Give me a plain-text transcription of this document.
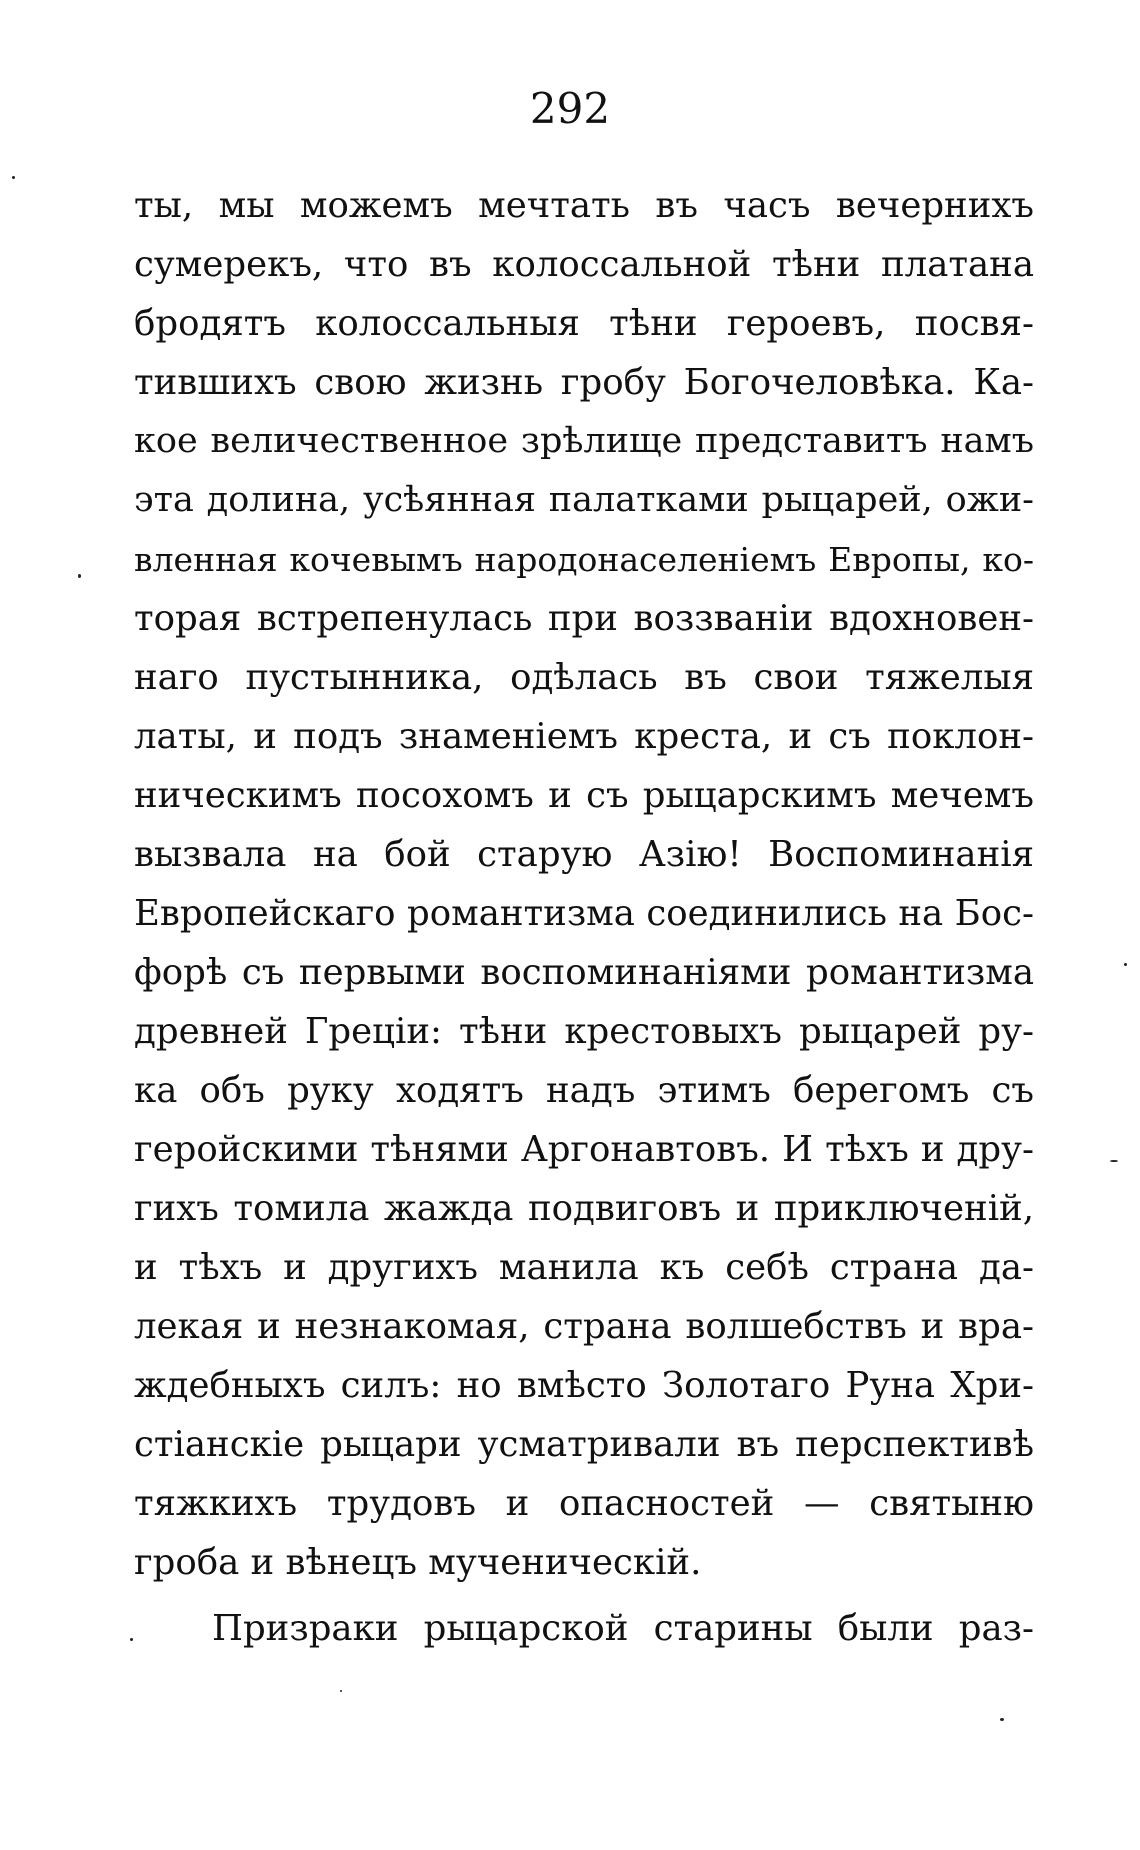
292
ты, мы можемъ мечтать въ часъ вечернихъ
сумерекъ, что въ колоссальной тѣни платана
бродятъ колоссальныя тѣни героевъ, посвя-
тившихъ свою жизнь гробу Богочеловѣка. Ка-
кое величественное зрѣлище представитъ намъ
эта долина, усѣянная палатками рыцарей, ожи-
вленная кочевымъ народонаселеніемъ Европы, ко-
торая встрепенулась при воззваніи вдохновен-
наго пустынника, одѣлась въ свои тяжелыя
латы, и подъ знаменіемъ креста, и съ поклон-
ническимъ посохомъ и съ рыцарскимъ мечемъ
вызвала на бой старую Азію! Воспоминанія
Европейскаго романтизма соединились на Бос-
форѣ съ первыми воспоминаніями романтизма
древней Греціи: тѣни крестовыхъ рыцарей ру-
ка объ руку ходятъ надъ этимъ берегомъ съ
геройскими тѣнями Аргонавтовъ. И тѣхъ и дру-
гихъ томила жажда подвиговъ и приключеній,
и тѣхъ и другихъ манила къ себѣ страна да-
лекая и незнакомая, страна волшебствъ и вра-
ждебныхъ силъ: но вмѣсто Золотаго Руна Хри-
стіанскіе рыцари усматривали въ перспективѣ
тяжкихъ трудовъ и опасностей — святыню
гроба и вѣнецъ мученическій.
Призраки рыцарской старины были раз-
